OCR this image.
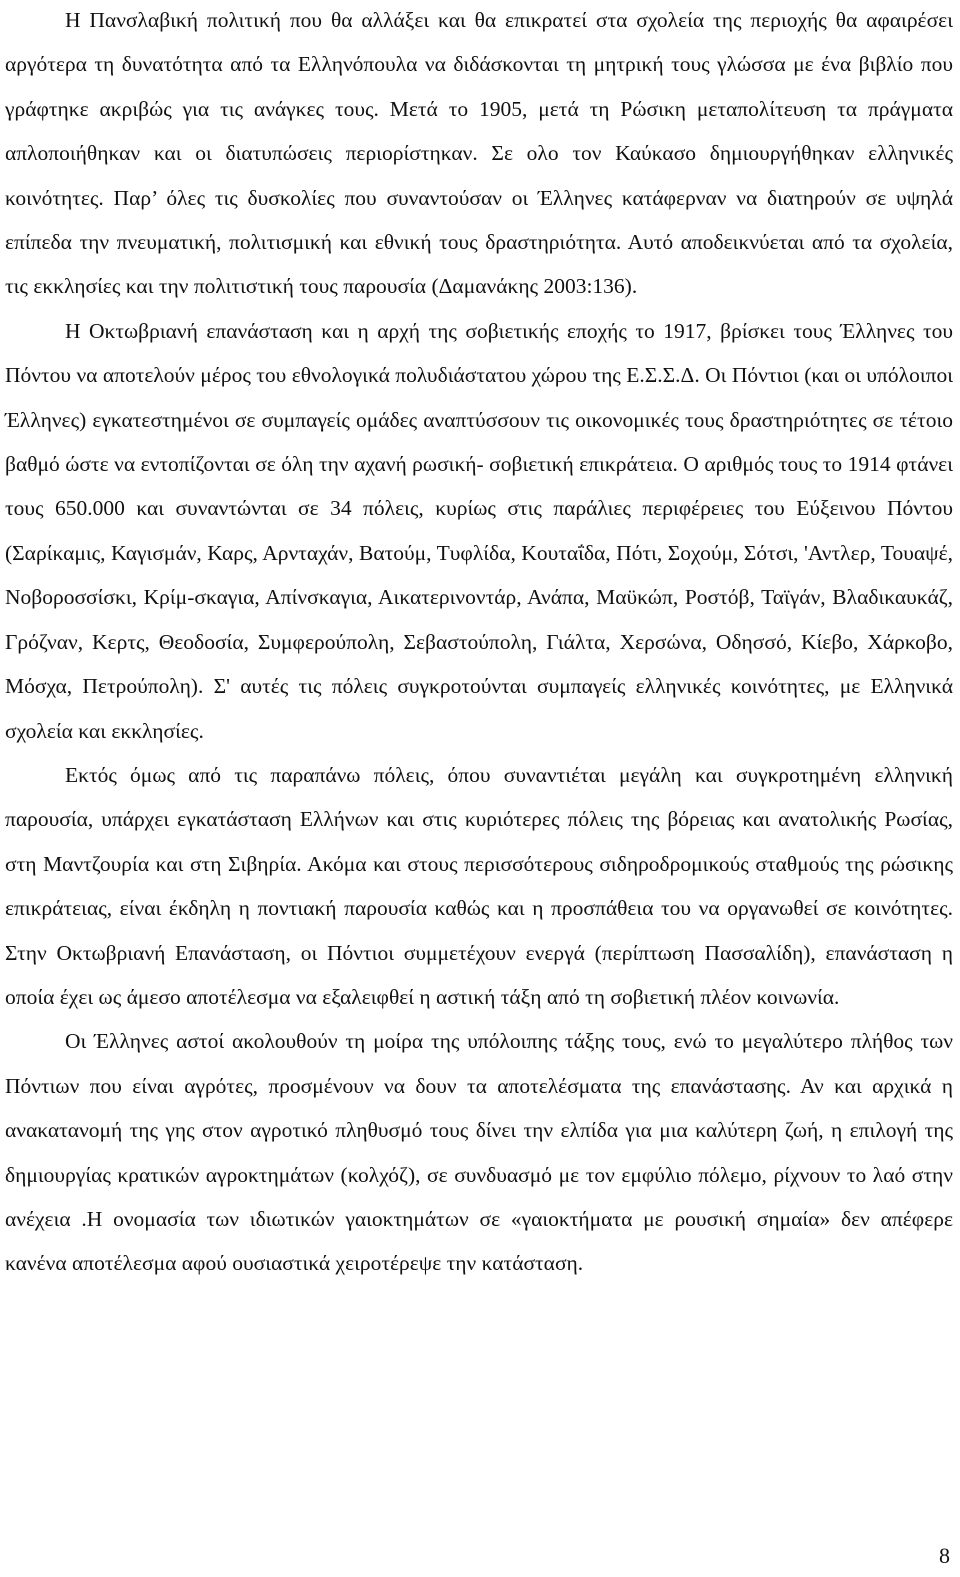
Η Πανσλαβική πολιτική που θα αλλάξει και θα επικρατεί στα σχολεία της περιοχής θα αφαιρέσει αργότερα τη δυνατότητα από τα Ελληνόπουλα να διδάσκονται τη μητρική τους γλώσσα με ένα βιβλίο που γράφτηκε ακριβώς για τις ανάγκες τους. Μετά το 1905, μετά τη Ρώσικη μεταπολίτευση τα πράγματα απλοποιήθηκαν και οι διατυπώσεις περιορίστηκαν. Σε ολο τον Καύκασο δημιουργήθηκαν ελληνικές κοινότητες. Παρ’ όλες τις δυσκολίες που συναντούσαν οι Έλληνες κατάφερναν να διατηρούν σε υψηλά επίπεδα την πνευματική, πολιτισμική και εθνική τους δραστηριότητα. Αυτό αποδεικνύεται από τα σχολεία, τις εκκλησίες και την πολιτιστική τους παρουσία (Δαμανάκης 2003:136).

Η Οκτωβριανή επανάσταση και η αρχή της σοβιετικής εποχής το 1917, βρίσκει τους Έλληνες του Πόντου να αποτελούν μέρος του εθνολογικά πολυδιάστατου χώρου της Ε.Σ.Σ.Δ. Οι Πόντιοι (και οι υπόλοιποι Έλληνες) εγκατεστημένοι σε συμπαγείς ομάδες αναπτύσσουν τις οικονομικές τους δραστηριότητες σε τέτοιο βαθμό ώστε να εντοπίζονται σε όλη την αχανή ρωσική- σοβιετική επικράτεια. Ο αριθμός τους το 1914 φτάνει τους 650.000 και συναντώνται σε 34 πόλεις, κυρίως στις παράλιες περιφέρειες του Εύξεινου Πόντου (Σαρίκαμις, Καγισμάν, Καρς, Αρνταχάν, Βατούμ, Τυφλίδα, Κουταΐδα, Πότι, Σοχούμ, Σότσι, 'Αντλερ, Τουαψέ, Νοβοροσσίσκι, Κρίμ-σκαγια, Απίνσκαγια, Αικατερινοντάρ, Ανάπα, Μαϋκώπ, Ροστόβ, Ταϊγάν, Βλαδικαυκάζ, Γρόζναν, Κερτς, Θεοδοσία, Συμφερούπολη, Σεβαστούπολη, Γιάλτα, Χερσώνα, Οδησσό, Κίεβο, Χάρκοβο, Μόσχα, Πετρούπολη). Σ' αυτές τις πόλεις συγκροτούνται συμπαγείς ελληνικές κοινότητες, με Ελληνικά σχολεία και εκκλησίες.

Εκτός όμως από τις παραπάνω πόλεις, όπου συναντιέται μεγάλη και συγκροτημένη ελληνική παρουσία, υπάρχει εγκατάσταση Ελλήνων και στις κυριότερες πόλεις της βόρειας και ανατολικής Ρωσίας, στη Μαντζουρία και στη Σιβηρία. Ακόμα και στους περισσότερους σιδηροδρομικούς σταθμούς της ρώσικης επικράτειας, είναι έκδηλη η ποντιακή παρουσία καθώς και η προσπάθεια του να οργανωθεί σε κοινότητες. Στην Οκτωβριανή Επανάσταση, οι Πόντιοι συμμετέχουν ενεργά (περίπτωση Πασσαλίδη), επανάσταση η οποία έχει ως άμεσο αποτέλεσμα να εξαλειφθεί η αστική τάξη από τη σοβιετική πλέον κοινωνία.

Οι Έλληνες αστοί ακολουθούν τη μοίρα της υπόλοιπης τάξης τους, ενώ το μεγαλύτερο πλήθος των Πόντιων που είναι αγρότες, προσμένουν να δουν τα αποτελέσματα της επανάστασης. Αν και αρχικά η ανακατανομή της γης στον αγροτικό πληθυσμό τους δίνει την ελπίδα για μια καλύτερη ζωή, η επιλογή της δημιουργίας κρατικών αγροκτημάτων (κολχόζ), σε συνδυασμό με τον εμφύλιο πόλεμο, ρίχνουν το λαό στην ανέχεια .Η ονομασία των ιδιωτικών γαιοκτημάτων σε «γαιοκτήματα με ρουσική σημαία» δεν απέφερε κανένα αποτέλεσμα αφού ουσιαστικά χειροτέρεψε την κατάσταση.

8
